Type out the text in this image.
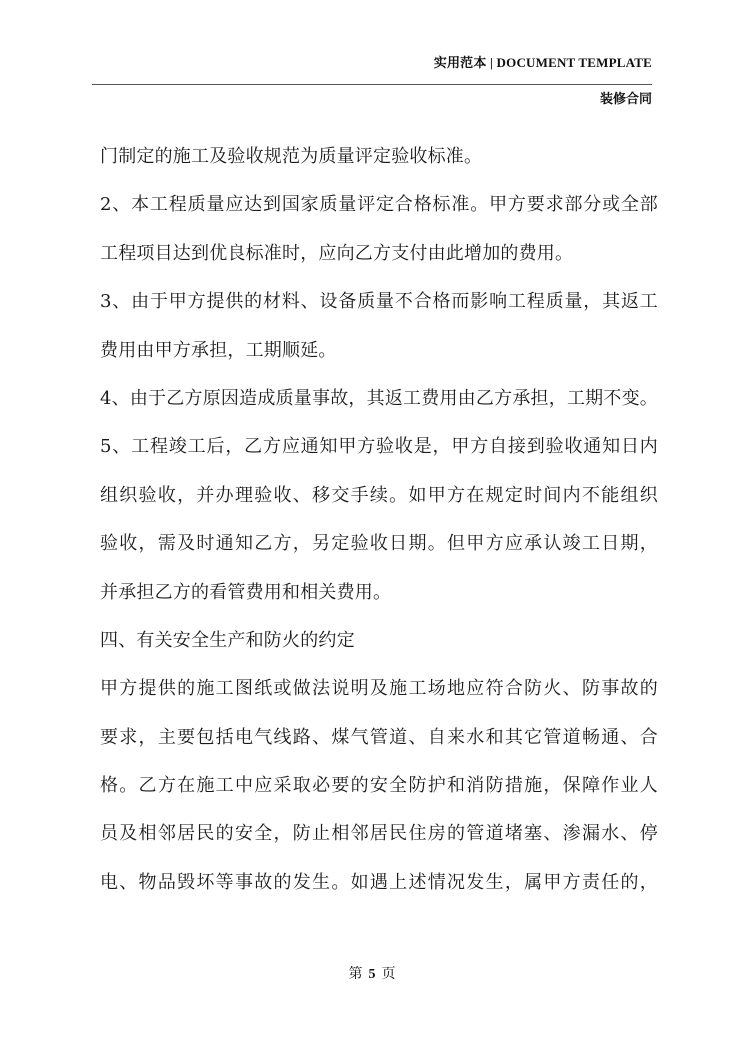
实用范本 | DOCUMENT TEMPLATE
装修合同
门制定的施工及验收规范为质量评定验收标准。
2、本工程质量应达到国家质量评定合格标准。甲方要求部分或全部
工程项目达到优良标准时，应向乙方支付由此增加的费用。
3、由于甲方提供的材料、设备质量不合格而影响工程质量，其返工
费用由甲方承担，工期顺延。
4、由于乙方原因造成质量事故，其返工费用由乙方承担，工期不变。
5、工程竣工后，乙方应通知甲方验收是，甲方自接到验收通知日内
组织验收，并办理验收、移交手续。如甲方在规定时间内不能组织
验收，需及时通知乙方，另定验收日期。但甲方应承认竣工日期，
并承担乙方的看管费用和相关费用。
四、有关安全生产和防火的约定
甲方提供的施工图纸或做法说明及施工场地应符合防火、防事故的
要求，主要包括电气线路、煤气管道、自来水和其它管道畅通、合
格。乙方在施工中应采取必要的安全防护和消防措施，保障作业人
员及相邻居民的安全，防止相邻居民住房的管道堵塞、渗漏水、停
电、物品毁坏等事故的发生。如遇上述情况发生，属甲方责任的，
第 5 页
